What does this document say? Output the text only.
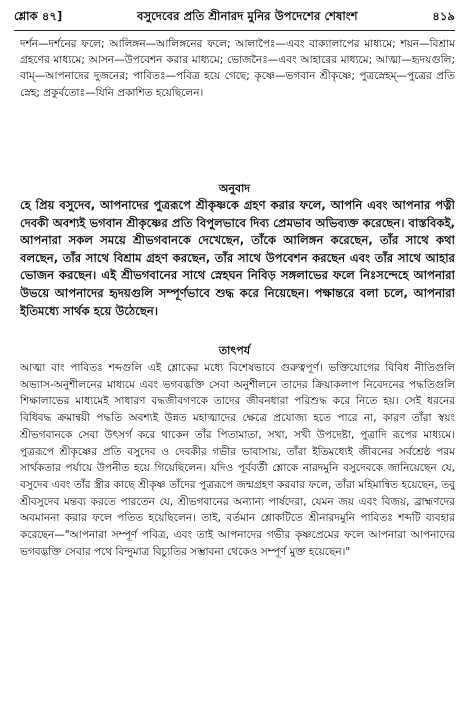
শ্লোক ৪৭]	বসুদেবের প্রতি শ্রীনারদ মুনির উপদেশের শেষাংশ	৪১৯

দর্শন—দর্শনের ফলে; আলিঙ্গন—আলিঙ্গনের ফলে; আলাপৈঃ—এবং বাক্যালাপের মাধ্যমে; শয়ন—বিশ্রাম গ্রহণের মাধ্যমে; আসন—উপবেশন করার মাধ্যমে; ভোজনৈঃ—এবং আহারের মাধ্যমে; আত্মা—হৃদয়গুলি; বাম্—আপনাদের দুজনের; পাবিতঃ—পবিত্র হয়ে গেছে; কৃষ্ণে—ভগবান শ্রীকৃষ্ণে; পুত্রস্নেহম্—পুত্রের প্রতি স্নেহ; প্রকুর্বতোঃ—যিনি প্রকাশিত হয়েছিলেন।

অনুবাদ

হে প্রিয় বসুদেব, আপনাদের পুত্ররূপে শ্রীকৃষ্ণকে গ্রহণ করার ফলে, আপনি এবং আপনার পত্নী দেবকী অবশ্যই ভগবান শ্রীকৃষ্ণের প্রতি বিপুলভাবে দিব্য প্রেমভাব অভিব্যক্ত করেছেন। বাস্তবিকই, আপনারা সকল সময়ে শ্রীভগবানকে দেখেছেন, তাঁকে আলিঙ্গন করেছেন, তাঁর সাথে কথা বলছেন, তাঁর সাথে বিশ্রাম গ্রহণ করছেন, তাঁর সাথে উপবেশন করছেন এবং তাঁর সাথে আহার ভোজন করছেন। এই শ্রীভগবানের সাথে স্নেহঘন নিবিড় সঙ্গলাভের ফলে নিঃসন্দেহে আপনারা উভয়ে আপনাদের হৃদয়গুলি সম্পূর্ণভাবে শুদ্ধ করে নিয়েছেন। পক্ষান্তরে বলা চলে, আপনারা ইতিমধ্যে সার্থক হয়ে উঠেছেন।

তাৎপর্য

আত্মা বাং পাবিতঃ শব্দগুলি এই শ্লোকের মধ্যে বিশেষভাবে গুরুত্বপূর্ণ। ভক্তিযোগের বিবিধ নীতিগুলি অভ্যাস-অনুশীলনের মাধ্যমে এবং ভগবদ্ভক্তি সেবা অনুশীলনে তাদের ক্রিয়াকলাপ নিবেদনের পদ্ধতিগুলি শিক্ষালাভের মাধ্যমেই সাধারণ বদ্ধজীবগণকে তাদের জীবনধারা পরিশুদ্ধ করে নিতে হয়। সেই ধরনের বিধিবদ্ধ ক্রমান্বয়ী পদ্ধতি অবশ্যই উন্নত মহাত্মাদের ক্ষেত্রে প্রযোজ্য হতে পারে না, কারণ তাঁরা স্বয়ং শ্রীভগবানকে সেবা উৎসর্গ করে থাকেন তাঁর পিতামাতা, সখা, সখী উপদেষ্টা, পুত্রাদি রূপের মাধ্যমে। পুত্ররূপে শ্রীকৃষ্ণের প্রতি বসুদেব ও দেবকীর গভীর ভাবাসায়, তাঁরা ইতিমধ্যেই জীবনের সর্বশ্রেষ্ঠ পরম সার্থকতার পর্যায়ে উপনীত হয়ে গিয়েছিলেন। যদিও পূর্ববর্তী শ্লোকে নারদমুনি বসুদেবকে জানিয়েছেন যে, বসুদেব এবং তাঁর স্ত্রীর কাছে শ্রীকৃষ্ণ তাঁদের পুত্ররূপে জন্মগ্রহণ করবার ফলে, তাঁরা মহিমান্বিত হয়েছেন, তবু শ্রীবসুদেব মন্তব্য করতে পারতেন যে, শ্রীভগবানের অন্যান্য পার্ষদেরা, যেমন জয় এবং বিজয়, ব্রাহ্মণদের অবমাননা করার ফলে পতিত হয়েছিলেন। তাই, বর্তমান শ্লোকটিতে শ্রীনারদমুনি পাবিতঃ শব্দটি ব্যবহার করেছেন—"আপনারা সম্পূর্ণ পবিত্র, এবং তাই আপনাদের গভীর কৃষ্ণপ্রেমের ফলে আপনারা আপনাদের ভগবদ্ভক্তি সেবার পথে বিন্দুমাত্র বিচ্যুতির সম্ভাবনা থেকেও সম্পূর্ণ মুক্ত হয়েছেন।"
